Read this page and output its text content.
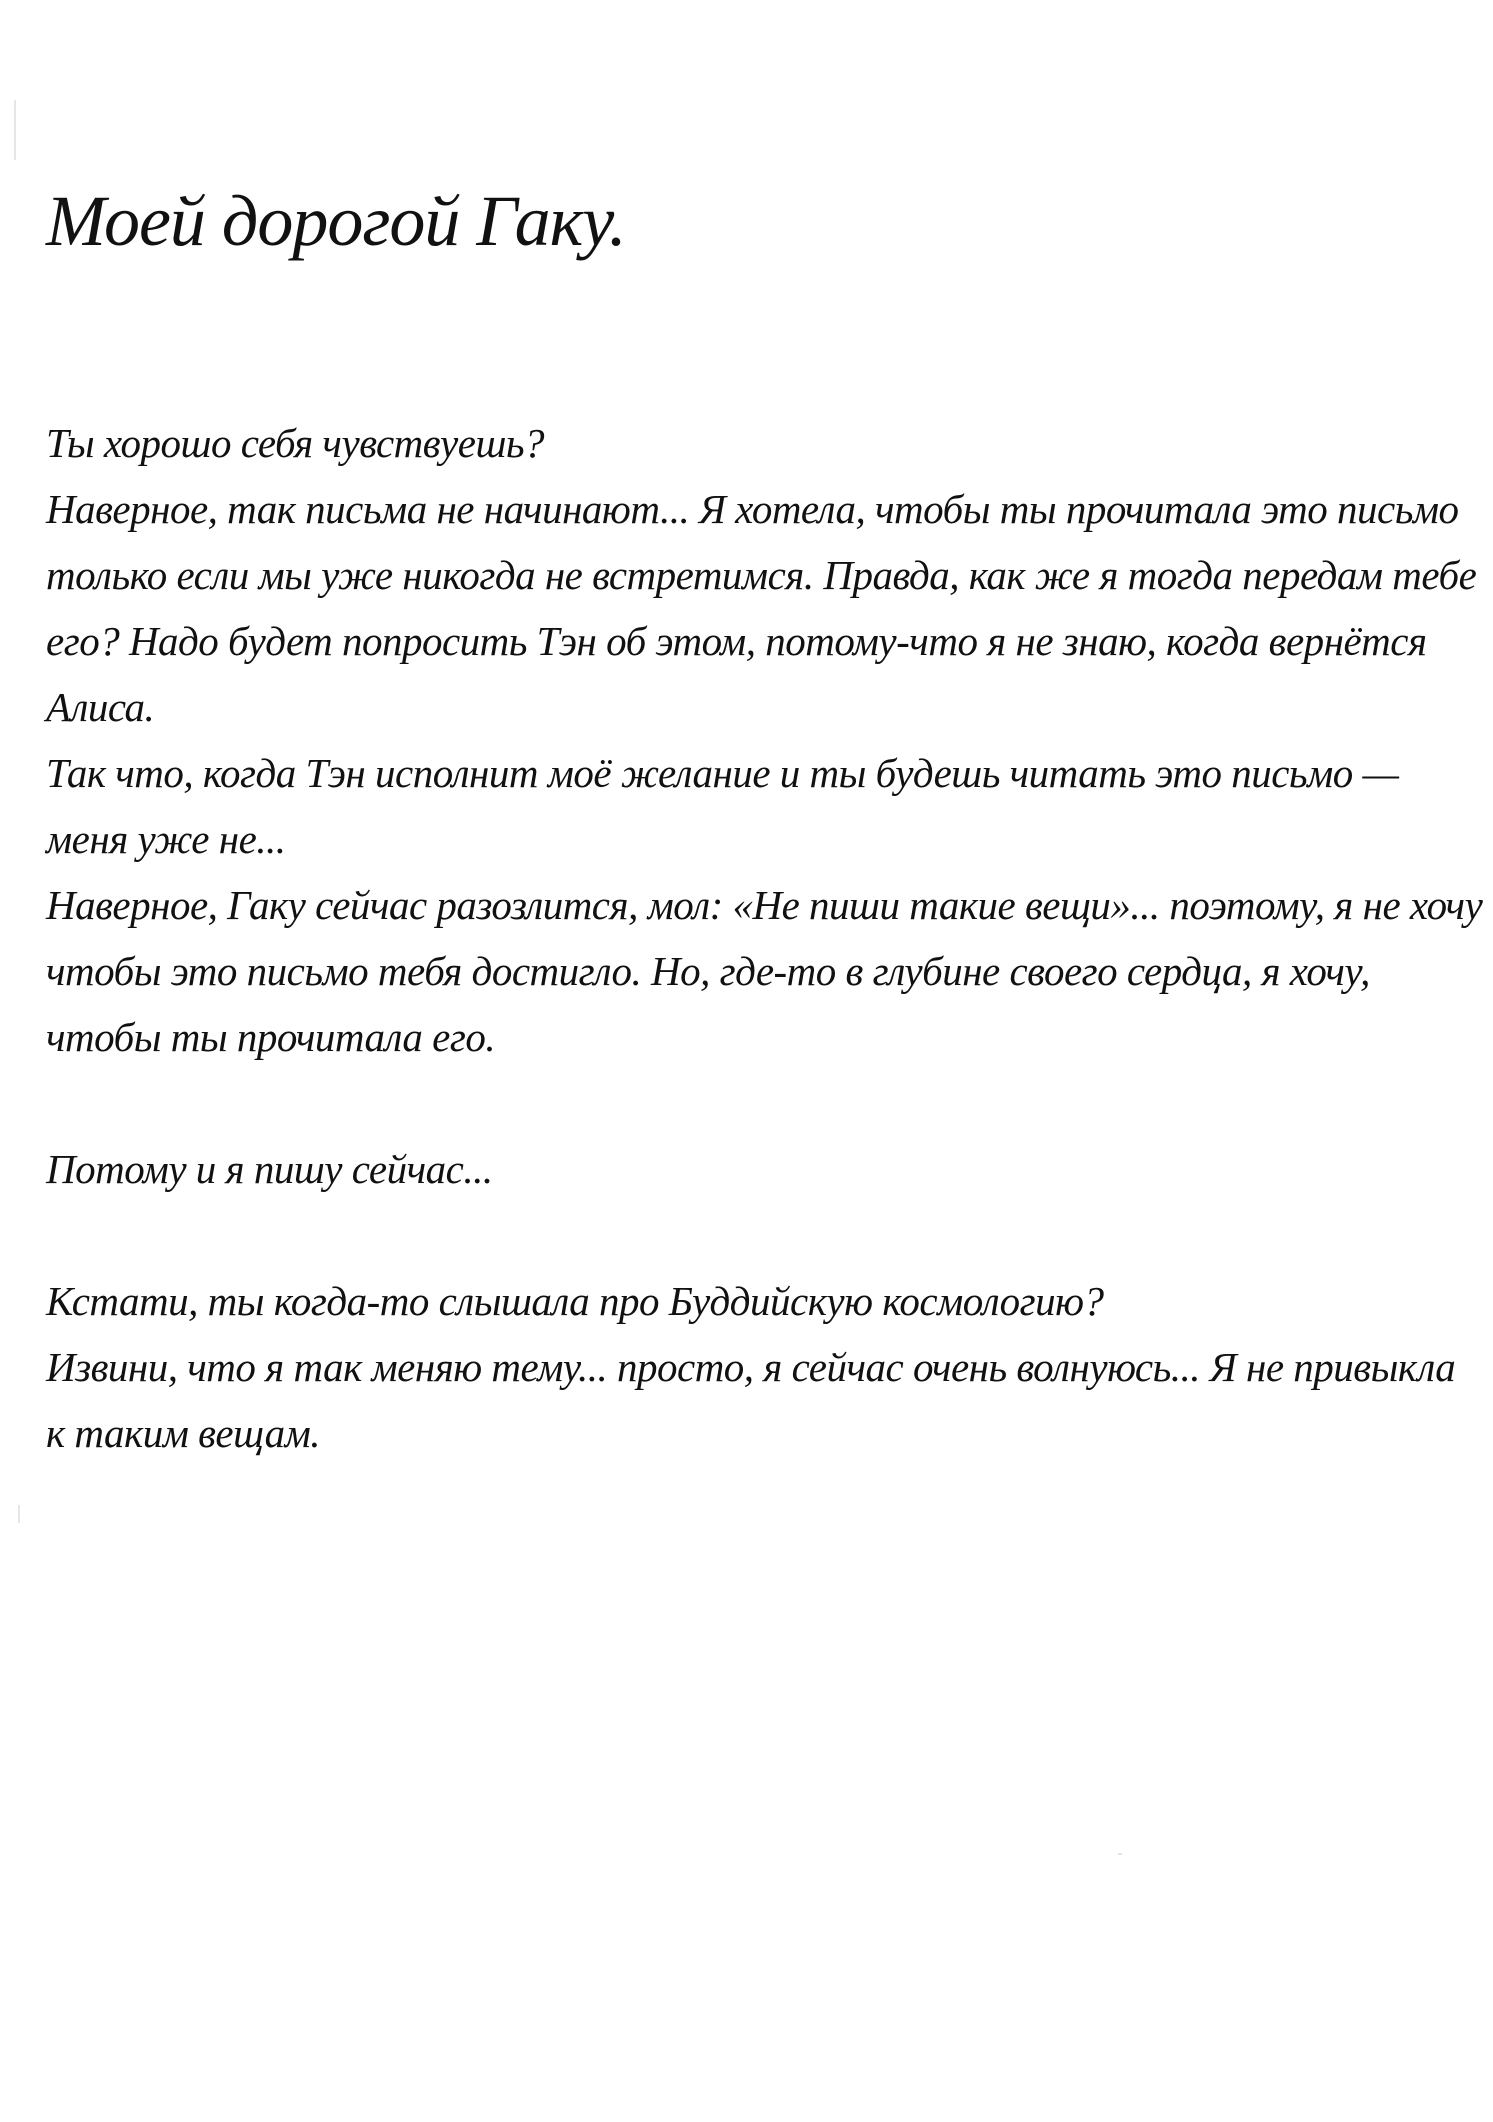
Моей дорогой Гаку.
Ты хорошо себя чувствуешь?
Наверное, так письма не начинают... Я хотела, чтобы ты прочитала это письмо
только если мы уже никогда не встретимся. Правда, как же я тогда передам тебе
его? Надо будет попросить Тэн об этом, потому-что я не знаю, когда вернётся
Алиса.
Так что, когда Тэн исполнит моё желание и ты будешь читать это письмо —
меня уже не...
Наверное, Гаку сейчас разозлится, мол: «Не пиши такие вещи»... поэтому, я не хочу
чтобы это письмо тебя достигло. Но, где-то в глубине своего сердца, я хочу,
чтобы ты прочитала его.
Потому и я пишу сейчас...
Кстати, ты когда-то слышала про Буддийскую космологию?
Извини, что я так меняю тему... просто, я сейчас очень волнуюсь... Я не привыкла
к таким вещам.
